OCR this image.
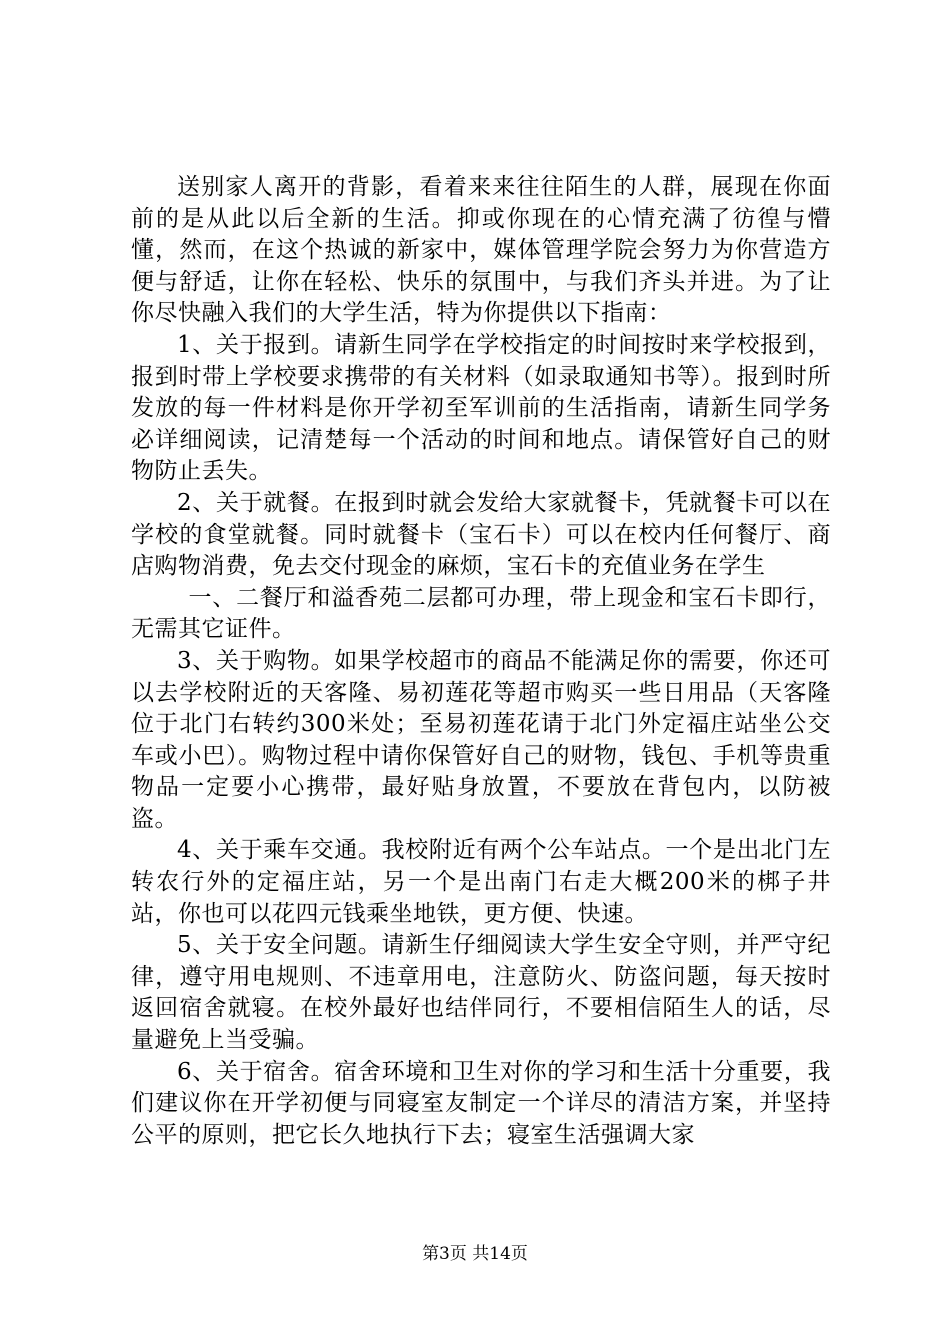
送别家人离开的背影，看着来来往往陌生的人群，展现在你面前的是从此以后全新的生活。抑或你现在的心情充满了彷徨与懵懂，然而，在这个热诚的新家中，媒体管理学院会努力为你营造方便与舒适，让你在轻松、快乐的氛围中，与我们齐头并进。为了让你尽快融入我们的大学生活，特为你提供以下指南：

1、关于报到。请新生同学在学校指定的时间按时来学校报到，报到时带上学校要求携带的有关材料（如录取通知书等）。报到时所发放的每一件材料是你开学初至军训前的生活指南，请新生同学务必详细阅读，记清楚每一个活动的时间和地点。请保管好自己的财物防止丢失。

2、关于就餐。在报到时就会发给大家就餐卡，凭就餐卡可以在学校的食堂就餐。同时就餐卡（宝石卡）可以在校内任何餐厅、商店购物消费，免去交付现金的麻烦，宝石卡的充值业务在学生

一、二餐厅和溢香苑二层都可办理，带上现金和宝石卡即行，无需其它证件。

3、关于购物。如果学校超市的商品不能满足你的需要，你还可以去学校附近的天客隆、易初莲花等超市购买一些日用品（天客隆位于北门右转约300米处；至易初莲花请于北门外定福庄站坐公交车或小巴）。购物过程中请你保管好自己的财物，钱包、手机等贵重物品一定要小心携带，最好贴身放置，不要放在背包内，以防被盗。

4、关于乘车交通。我校附近有两个公车站点。一个是出北门左转农行外的定福庄站，另一个是出南门右走大概200米的梆子井站，你也可以花四元钱乘坐地铁，更方便、快速。

5、关于安全问题。请新生仔细阅读大学生安全守则，并严守纪律，遵守用电规则、不违章用电，注意防火、防盗问题，每天按时返回宿舍就寝。在校外最好也结伴同行，不要相信陌生人的话，尽量避免上当受骗。

6、关于宿舍。宿舍环境和卫生对你的学习和生活十分重要，我们建议你在开学初便与同寝室友制定一个详尽的清洁方案，并坚持公平的原则，把它长久地执行下去；寝室生活强调大家

第3页 共14页
